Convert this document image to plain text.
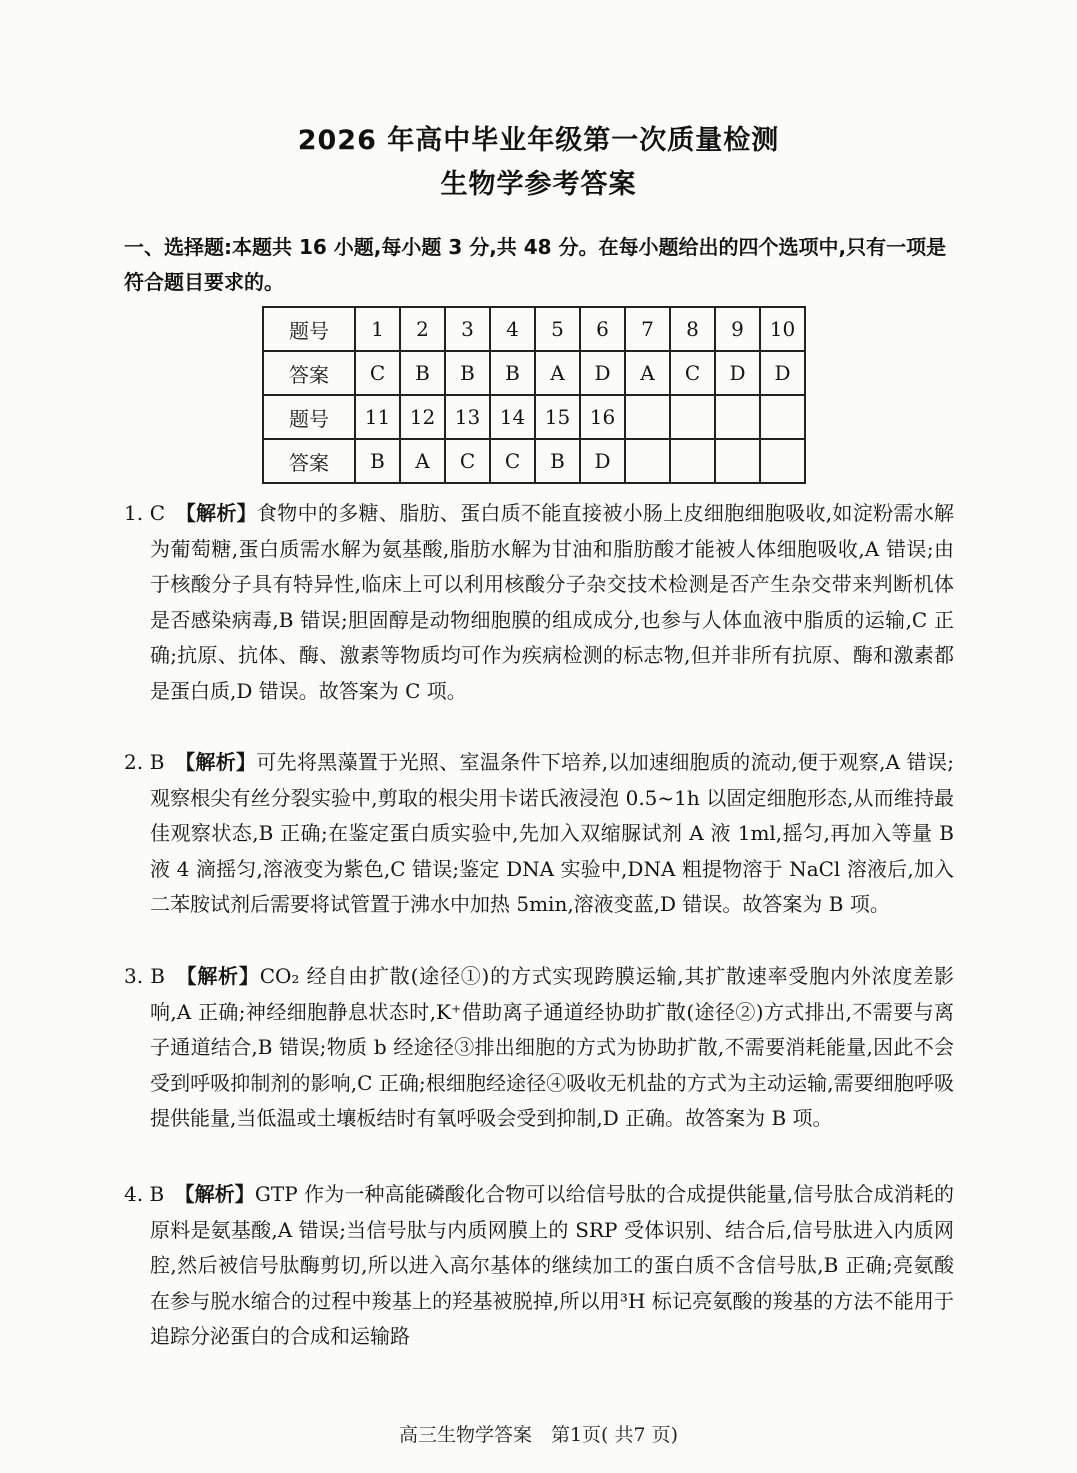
2026 年高中毕业年级第一次质量检测
生物学参考答案
一、选择题:本题共 16 小题,每小题 3 分,共 48 分。在每小题给出的四个选项中,只有一项是符合题目要求的。
题号	1	2	3	4	5	6	7	8	9	10
答案	C	B	B	B	A	D	A	C	D	D
题号	11	12	13	14	15	16				
答案	B	A	C	C	B	D				
1. C　 【解析】食物中的多糖、脂肪、蛋白质不能直接被小肠上皮细胞细胞吸收,如淀粉需水解为葡萄糖,蛋白质需水解为氨基酸,脂肪水解为甘油和脂肪酸才能被人体细胞吸收,A 错误;由于核酸分子具有特异性,临床上可以利用核酸分子杂交技术检测是否产生杂交带来判断机体是否感染病毒,B 错误;胆固醇是动物细胞膜的组成成分,也参与人体血液中脂质的运输,C 正确;抗原、抗体、酶、激素等物质均可作为疾病检测的标志物,但并非所有抗原、酶和激素都是蛋白质,D 错误。故答案为 C 项。
2. B　 【解析】可先将黑藻置于光照、室温条件下培养,以加速细胞质的流动,便于观察,A 错误;观察根尖有丝分裂实验中,剪取的根尖用卡诺氏液浸泡 0.5~1h 以固定细胞形态,从而维持最佳观察状态,B 正确;在鉴定蛋白质实验中,先加入双缩脲试剂 A 液 1ml,摇匀,再加入等量 B 液 4 滴摇匀,溶液变为紫色,C 错误;鉴定 DNA 实验中,DNA 粗提物溶于 NaCl 溶液后,加入二苯胺试剂后需要将试管置于沸水中加热 5min,溶液变蓝,D 错误。故答案为 B 项。
3. B　 【解析】CO₂ 经自由扩散(途径①)的方式实现跨膜运输,其扩散速率受胞内外浓度差影响,A 正确;神经细胞静息状态时,K⁺借助离子通道经协助扩散(途径②)方式排出,不需要与离子通道结合,B 错误;物质 b 经途径③排出细胞的方式为协助扩散,不需要消耗能量,因此不会受到呼吸抑制剂的影响,C 正确;根细胞经途径④吸收无机盐的方式为主动运输,需要细胞呼吸提供能量,当低温或土壤板结时有氧呼吸会受到抑制,D 正确。故答案为 B 项。
4. B　 【解析】GTP 作为一种高能磷酸化合物可以给信号肽的合成提供能量,信号肽合成消耗的原料是氨基酸,A 错误;当信号肽与内质网膜上的 SRP 受体识别、结合后,信号肽进入内质网腔,然后被信号肽酶剪切,所以进入高尔基体的继续加工的蛋白质不含信号肽,B 正确;亮氨酸在参与脱水缩合的过程中羧基上的羟基被脱掉,所以用³H 标记亮氨酸的羧基的方法不能用于追踪分泌蛋白的合成和运输路
高三生物学答案　第1页( 共7 页)
